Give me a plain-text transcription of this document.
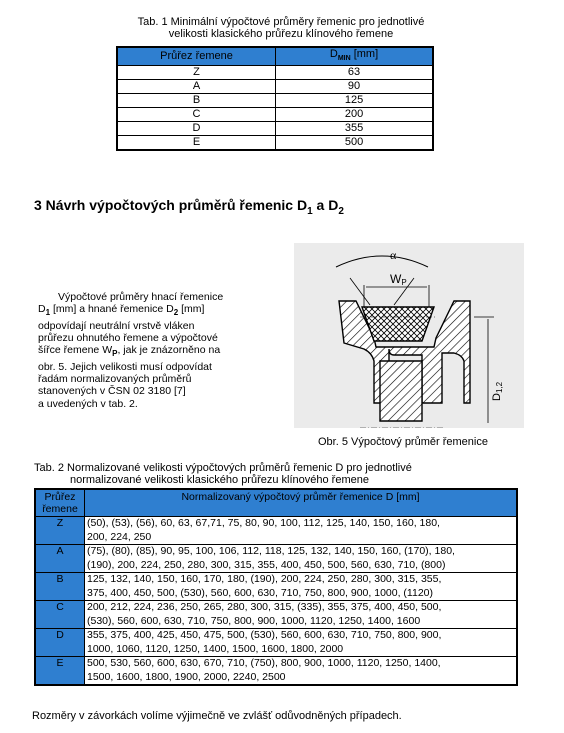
Tab. 1 Minimální výpočtové průměry řemenic pro jednotlivé
velikosti klasického průřezu klínového řemene
Průřez řemene	$D_{MIN}$ [mm]
Z	63
A	90
B	125
C	200
D	355
E	500
3 Návrh výpočtových průměrů řemenic $D_1$ a $D_2$
Výpočtové průměry hnací řemenice
$D_1$ [mm] a hnané řemenice $D_2$ [mm]
odpovídají neutrální vrstvě vláken
průřezu ohnutého řemene a výpočtové
šířce řemene $W_P$, jak je znázorněno na
obr. 5. Jejich velikosti musí odpovídat
řadám normalizovaných průměrů
stanovených v ČSN 02 3180 [7]
a uvedených v tab. 2.
α
WP
D1,2
Obr. 5 Výpočtový průměr řemenice
Tab. 2 Normalizované velikosti výpočtových průměrů řemenic D pro jednotlivé
normalizované velikosti klasického průřezu klínového řemene
Průřez
řemene	Normalizovaný výpočtový průměr řemenice D [mm]
Z	(50), (53), (56), 60, 63, 67,71, 75, 80, 90, 100, 112, 125, 140, 150, 160, 180,
200, 224, 250

A	(75), (80), (85), 90, 95, 100, 106, 112, 118, 125, 132, 140, 150, 160, (170), 180,
(190), 200, 224, 250, 280, 300, 315, 355, 400, 450, 500, 560, 630, 710, (800)

B	125, 132, 140, 150, 160, 170, 180, (190), 200, 224, 250, 280, 300, 315, 355,
375, 400, 450, 500, (530), 560, 600, 630, 710, 750, 800, 900, 1000, (1120)

C	200, 212, 224, 236, 250, 265, 280, 300, 315, (335), 355, 375, 400, 450, 500,
(530), 560, 600, 630, 710, 750, 800, 900, 1000, 1120, 1250, 1400, 1600

D	355, 375, 400, 425, 450, 475, 500, (530), 560, 600, 630, 710, 750, 800, 900,
1000, 1060, 1120, 1250, 1400, 1500, 1600, 1800, 2000

E	500, 530, 560, 600, 630, 670, 710, (750), 800, 900, 1000, 1120, 1250, 1400,
1500, 1600, 1800, 1900, 2000, 2240, 2500
Rozměry v závorkách volíme výjimečně ve zvlášť odůvodněných případech.
